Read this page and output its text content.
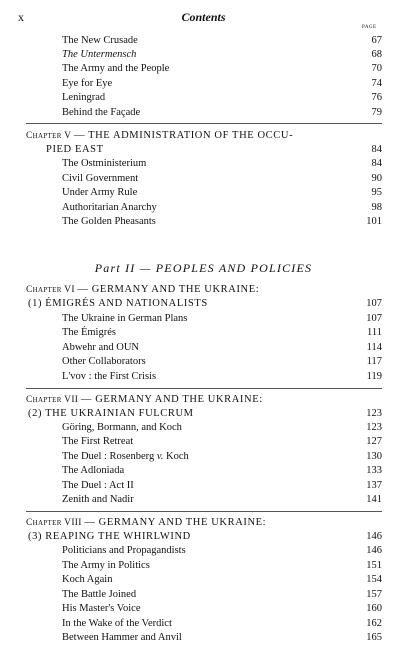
x	Contents
PAGE
The New Crusade	67
The Untermensch	68
The Army and the People	70
Eye for Eye	74
Leningrad	76
Behind the Façade	79
Chapter V — THE ADMINISTRATION OF THE OCCU-
PIED EAST	84
The Ostministerium	84
Civil Government	90
Under Army Rule	95
Authoritarian Anarchy	98
The Golden Pheasants	101
Part II — PEOPLES AND POLICIES
Chapter VI — GERMANY AND THE UKRAINE:
(1) ÉMIGRÉS AND NATIONALISTS	107
The Ukraine in German Plans	107
The Émigrés	111
Abwehr and OUN	114
Other Collaborators	117
L'vov : the First Crisis	119
Chapter VII — GERMANY AND THE UKRAINE:
(2) THE UKRAINIAN FULCRUM	123
Göring, Bormann, and Koch	123
The First Retreat	127
The Duel : Rosenberg v. Koch	130
The Adloniada	133
The Duel : Act II	137
Zenith and Nadir	141
Chapter VIII — GERMANY AND THE UKRAINE:
(3) REAPING THE WHIRLWIND	146
Politicians and Propagandists	146
The Army in Politics	151
Koch Again	154
The Battle Joined	157
His Master's Voice	160
In the Wake of the Verdict	162
Between Hammer and Anvil	165
